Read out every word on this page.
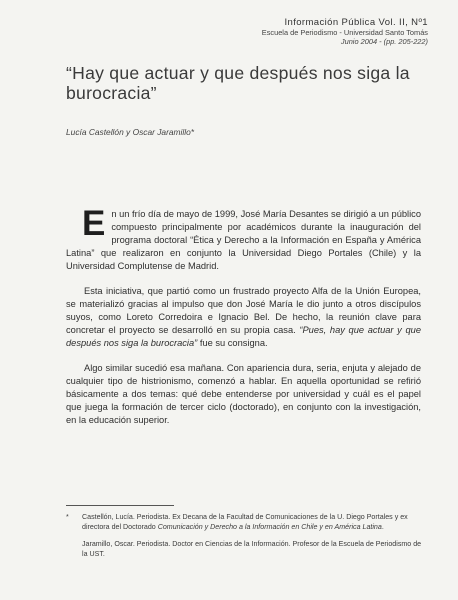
Información Pública Vol. II, Nº1
Escuela de Periodismo - Universidad Santo Tomás
Junio 2004 - (pp. 205-222)
“Hay que actuar y que después nos siga la burocracia”
Lucía Castellón y Oscar Jaramillo*

En un frío día de mayo de 1999, José María Desantes se dirigió a un público compuesto principalmente por académicos durante la inauguración del programa doctoral “Ética y Derecho a la Información en España y América Latina” que realizaron en conjunto la Universidad Diego Portales (Chile) y la Universidad Complutense de Madrid.

Esta iniciativa, que partió como un frustrado proyecto Alfa de la Unión Europea, se materializó gracias al impulso que don José María le dio junto a otros discípulos suyos, como Loreto Corredoira e Ignacio Bel. De hecho, la reunión clave para concretar el proyecto se desarrolló en su propia casa. “Pues, hay que actuar y que después nos siga la burocracia” fue su consigna.

Algo similar sucedió esa mañana. Con apariencia dura, seria, enjuta y alejado de cualquier tipo de histrionismo, comenzó a hablar. En aquella oportunidad se refirió básicamente a dos temas: qué debe entenderse por universidad y cuál es el papel que juega la formación de tercer ciclo (doctorado), en conjunto con la investigación, en la educación superior.

* Castellón, Lucía. Periodista. Ex Decana de la Facultad de Comunicaciones de la U. Diego Portales y ex directora del Doctorado Comunicación y Derecho a la Información en Chile y en América Latina.
Jaramillo, Oscar. Periodista. Doctor en Ciencias de la Información. Profesor de la Escuela de Periodismo de la UST.
